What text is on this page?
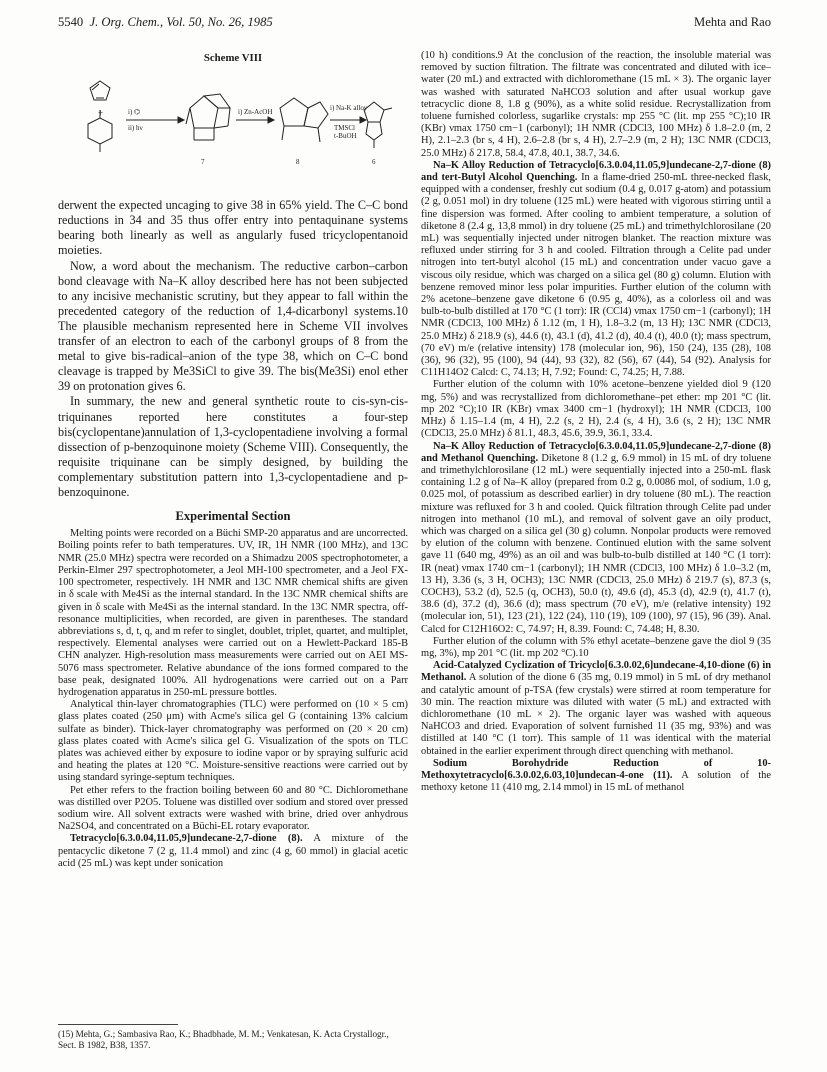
5540 J. Org. Chem., Vol. 50, No. 26, 1985	Mehta and Rao
Scheme VIII
+	i) ⌬
ii) hν
i) Zn-AcOH	i) Na-K alloy
TMSCl
t-BuOH
7	8	6

derwent the expected uncaging to give 38 in 65% yield. The C–C bond reductions in 34 and 35 thus offer entry into pentaquinane systems bearing both linearly as well as angularly fused tricyclopentanoid moieties.

Now, a word about the mechanism. The reductive carbon–carbon bond cleavage with Na–K alloy described here has not been subjected to any incisive mechanistic scrutiny, but they appear to fall within the precedented category of the reduction of 1,4-dicarbonyl systems.10 The plausible mechanism represented here in Scheme VII involves transfer of an electron to each of the carbonyl groups of 8 from the metal to give bis-radical–anion of the type 38, which on C–C bond cleavage is trapped by Me3SiCl to give 39. The bis(Me3Si) enol ether 39 on protonation gives 6.

In summary, the new and general synthetic route to cis-syn-cis-triquinanes reported here constitutes a four-step bis(cyclopentane)annulation of 1,3-cyclopentadiene involving a formal dissection of p-benzoquinone moiety (Scheme VIII). Consequently, the requisite triquinane can be simply designed, by building the complementary substitution pattern into 1,3-cyclopentadiene and p-benzoquinone.

Experimental Section

Melting points were recorded on a Büchi SMP-20 apparatus and are uncorrected. Boiling points refer to bath temperatures. UV, IR, 1H NMR (100 MHz), and 13C NMR (25.0 MHz) spectra were recorded on a Shimadzu 200S spectrophotometer, a Perkin-Elmer 297 spectrophotometer, a Jeol MH-100 spectrometer, and a Jeol FX-100 spectrometer, respectively. 1H NMR and 13C NMR chemical shifts are given in δ scale with Me4Si as the internal standard. In the 13C NMR chemical shifts are given in δ scale with Me4Si as the internal standard. In the 13C NMR spectra, off-resonance multiplicities, when recorded, are given in parentheses. The standard abbreviations s, d, t, q, and m refer to singlet, doublet, triplet, quartet, and multiplet, respectively. Elemental analyses were carried out on a Hewlett-Packard 185-B CHN analyzer. High-resolution mass measurements were carried out on AEI MS-5076 mass spectrometer. Relative abundance of the ions formed compared to the base peak, designated 100%. All hydrogenations were carried out on a Parr hydrogenation apparatus in 250-mL pressure bottles.

Analytical thin-layer chromatographies (TLC) were performed on (10 × 5 cm) glass plates coated (250 μm) with Acme's silica gel G (containing 13% calcium sulfate as binder). Thick-layer chromatography was performed on (20 × 20 cm) glass plates coated with Acme's silica gel G. Visualization of the spots on TLC plates was achieved either by exposure to iodine vapor or by spraying sulfuric acid and heating the plates at 120 °C. Moisture-sensitive reactions were carried out by using standard syringe-septum techniques.

Pet ether refers to the fraction boiling between 60 and 80 °C. Dichloromethane was distilled over P2O5. Toluene was distilled over sodium and stored over pressed sodium wire. All solvent extracts were washed with brine, dried over anhydrous Na2SO4, and concentrated on a Büchi-EL rotary evaporator.

Tetracyclo[6.3.0.04,11.05,9]undecane-2,7-dione (8). A mixture of the pentacyclic diketone 7 (2 g, 11.4 mmol) and zinc (4 g, 60 mmol) in glacial acetic acid (25 mL) was kept under sonication

(15) Mehta, G.; Sambasiva Rao, K.; Bhadbhade, M. M.; Venkatesan, K. Acta Crystallogr., Sect. B 1982, B38, 1357.

(10 h) conditions.9 At the conclusion of the reaction, the insoluble material was removed by suction filtration. The filtrate was concentrated and diluted with ice–water (20 mL) and extracted with dichloromethane (15 mL × 3). The organic layer was washed with saturated NaHCO3 solution and after usual workup gave tetracyclic dione 8, 1.8 g (90%), as a white solid residue. Recrystallization from toluene furnished colorless, sugarlike crystals: mp 255 °C (lit. mp 255 °C);10 IR (KBr) νmax 1750 cm−1 (carbonyl); 1H NMR (CDCl3, 100 MHz) δ 1.8–2.0 (m, 2 H), 2.1–2.3 (br s, 4 H), 2.6–2.8 (br s, 4 H), 2.7–2.9 (m, 2 H); 13C NMR (CDCl3, 25.0 MHz) δ 217.8, 58.4, 47.8, 40.1, 38.7, 34.6.

Na–K Alloy Reduction of Tetracyclo[6.3.0.04,11.05,9]undecane-2,7-dione (8) and tert-Butyl Alcohol Quenching. In a flame-dried 250-mL three-necked flask, equipped with a condenser, freshly cut sodium (0.4 g, 0.017 g-atom) and potassium (2 g, 0.051 mol) in dry toluene (125 mL) were heated with vigorous stirring until a fine dispersion was formed. After cooling to ambient temperature, a solution of diketone 8 (2.4 g, 13,8 mmol) in dry toluene (25 mL) and trimethylchlorosilane (20 mL) was sequentially injected under nitrogen blanket. The reaction mixture was refluxed under stirring for 3 h and cooled. Filtration through a Celite pad under nitrogen into tert-butyl alcohol (15 mL) and concentration under vacuo gave a viscous oily residue, which was charged on a silica gel (80 g) column. Elution with benzene removed minor less polar impurities. Further elution of the column with 2% acetone–benzene gave diketone 6 (0.95 g, 40%), as a colorless oil and was bulb-to-bulb distilled at 170 °C (1 torr): IR (CCl4) νmax 1750 cm−1 (carbonyl); 1H NMR (CDCl3, 100 MHz) δ 1.12 (m, 1 H), 1.8–3.2 (m, 13 H); 13C NMR (CDCl3, 25.0 MHz) δ 218.9 (s), 44.6 (t), 43.1 (d), 41.2 (d), 40.4 (t), 40.0 (t); mass spectrum, (70 eV) m/e (relative intensity) 178 (molecular ion, 96), 150 (24), 135 (28), 108 (36), 96 (32), 95 (100), 94 (44), 93 (32), 82 (56), 67 (44), 54 (92). Analysis for C11H14O2 Calcd: C, 74.13; H, 7.92; Found: C, 74.25; H, 7.88.

Further elution of the column with 10% acetone–benzene yielded diol 9 (120 mg, 5%) and was recrystallized from dichloromethane–pet ether: mp 201 °C (lit. mp 202 °C);10 IR (KBr) νmax 3400 cm−1 (hydroxyl); 1H NMR (CDCl3, 100 MHz) δ 1.15–1.4 (m, 4 H), 2.2 (s, 2 H), 2.4 (s, 4 H), 3.6 (s, 2 H); 13C NMR (CDCl3, 25.0 MHz) δ 81.1, 48.3, 45.6, 39.9, 36.1, 33.4.

Na–K Alloy Reduction of Tetracyclo[6.3.0.04,11.05,9]undecane-2,7-dione (8) and Methanol Quenching. Diketone 8 (1.2 g, 6.9 mmol) in 15 mL of dry toluene and trimethylchlorosilane (12 mL) were sequentially injected into a 250-mL flask containing 1.2 g of Na–K alloy (prepared from 0.2 g, 0.0086 mol, of sodium, 1.0 g, 0.025 mol, of potassium as described earlier) in dry toluene (80 mL). The reaction mixture was refluxed for 3 h and cooled. Quick filtration through Celite pad under nitrogen into methanol (10 mL), and removal of solvent gave an oily product, which was charged on a silica gel (30 g) column. Nonpolar products were removed by elution of the column with benzene. Continued elution with the same solvent gave 11 (640 mg, 49%) as an oil and was bulb-to-bulb distilled at 140 °C (1 torr): IR (neat) νmax 1740 cm−1 (carbonyl); 1H NMR (CDCl3, 100 MHz) δ 1.0–3.2 (m, 13 H), 3.36 (s, 3 H, OCH3); 13C NMR (CDCl3, 25.0 MHz) δ 219.7 (s), 87.3 (s, COCH3), 53.2 (d), 52.5 (q, OCH3), 50.0 (t), 49.6 (d), 45.3 (d), 42.9 (t), 41.7 (t), 38.6 (d), 37.2 (d), 36.6 (d); mass spectrum (70 eV), m/e (relative intensity) 192 (molecular ion, 51), 123 (21), 122 (24), 110 (19), 109 (100), 97 (15), 96 (39). Anal. Calcd for C12H16O2: C, 74.97; H, 8.39. Found: C, 74.48; H, 8.30.

Further elution of the column with 5% ethyl acetate–benzene gave the diol 9 (35 mg, 3%), mp 201 °C (lit. mp 202 °C).10

Acid-Catalyzed Cyclization of Tricyclo[6.3.0.02,6]undecane-4,10-dione (6) in Methanol. A solution of the dione 6 (35 mg, 0.19 mmol) in 5 mL of dry methanol and catalytic amount of p-TSA (few crystals) were stirred at room temperature for 30 min. The reaction mixture was diluted with water (5 mL) and extracted with dichloromethane (10 mL × 2). The organic layer was washed with aqueous NaHCO3 and dried. Evaporation of solvent furnished 11 (35 mg, 93%) and was distilled at 140 °C (1 torr). This sample of 11 was identical with the material obtained in the earlier experiment through direct quenching with methanol.

Sodium Borohydride Reduction of 10-Methoxytetracyclo[6.3.0.02,6.03,10]undecan-4-one (11). A solution of the methoxy ketone 11 (410 mg, 2.14 mmol) in 15 mL of methanol
